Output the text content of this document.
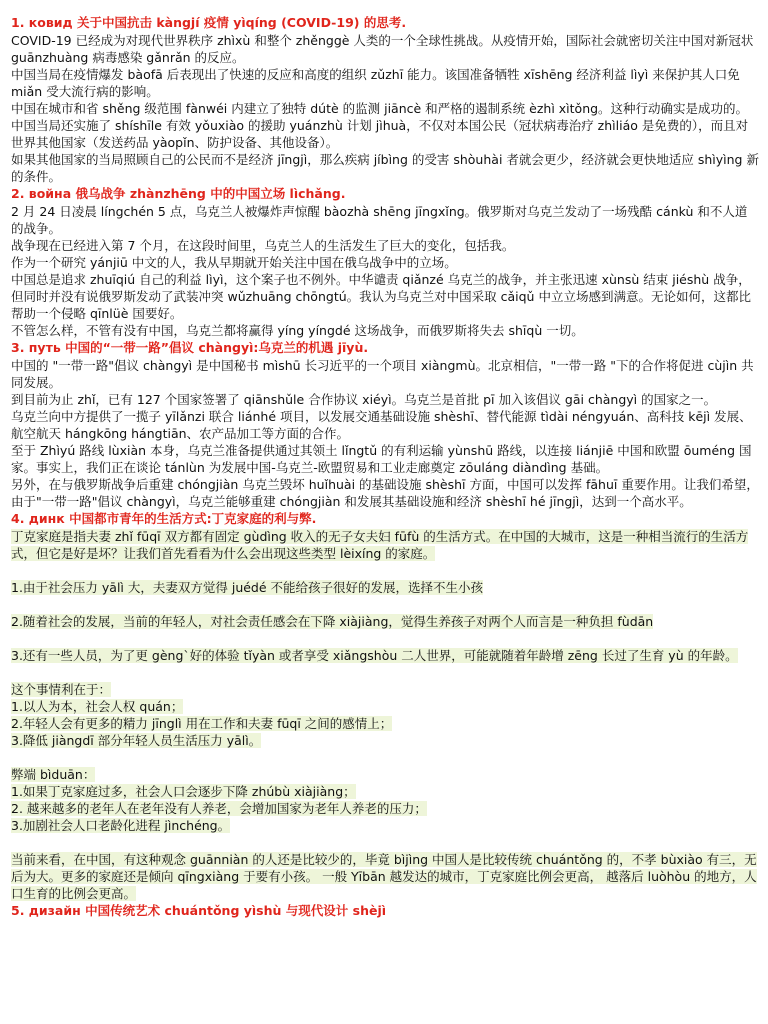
1. ковид 关于中国抗击 kàngjí 疫情 yìqíng (COVID-19) 的思考.

COVID-19 已经成为对现代世界秩序 zhìxù 和整个 zhěnggè 人类的一个全球性挑战。从疫情开始，国际社会就密切关注中国对新冠状 guānzhuàng 病毒感染 gǎnrǎn 的反应。

中国当局在疫情爆发 bàofā 后表现出了快速的反应和高度的组织 zǔzhī 能力。该国准备牺牲 xīshēng 经济利益 lìyì 来保护其人口免 miǎn 受大流行病的影响。

中国在城市和省 shěng 级范围 fànwéi 内建立了独特 dútè 的监测 jiāncè 和严格的遏制系统 èzhì xìtǒng。这种行动确实是成功的。

中国当局还实施了 shíshīle 有效 yǒuxiào 的援助 yuánzhù 计划 jìhuà，不仅对本国公民（冠状病毒治疗 zhìliáo 是免费的），而且对世界其他国家（发送药品 yàopǐn、防护设备、其他设备）。

如果其他国家的当局照顾自己的公民而不是经济 jīngjì，那么疾病 jíbìng 的受害 shòuhài 者就会更少，经济就会更快地适应 shìyìng 新的条件。

2. война 俄乌战争 zhànzhēng 中的中国立场 lìchǎng.

2 月 24 日凌晨 língchén 5 点，乌克兰人被爆炸声惊醒 bàozhà shēng jīngxǐng。俄罗斯对乌克兰发动了一场残酷 cánkù 和不人道的战争。

战争现在已经进入第 7 个月，在这段时间里，乌克兰人的生活发生了巨大的变化，包括我。

作为一个研究 yánjiū 中文的人，我从早期就开始关注中国在俄乌战争中的立场。

中国总是追求 zhuīqiú 自己的利益 lìyì，这个案子也不例外。中华谴责 qiǎnzé 乌克兰的战争，并主张迅速 xùnsù 结束 jiéshù 战争，但同时并没有说俄罗斯发动了武装冲突 wǔzhuāng chōngtú。我认为乌克兰对中国采取 cǎiqǔ 中立立场感到满意。无论如何，这都比帮助一个侵略 qīnlüè 国要好。

不管怎么样，不管有没有中国，乌克兰都将赢得 yíng yíngdé 这场战争，而俄罗斯将失去 shīqù 一切。

3. путь 中国的“一带一路”倡议 chàngyì:乌克兰的机遇 jīyù.

中国的 "一带一路"倡议 chàngyì 是中国秘书 mìshū 长习近平的一个项目 xiàngmù。北京相信，"一带一路 "下的合作将促进 cùjìn 共同发展。

到目前为止 zhǐ，已有 127 个国家签署了 qiānshǔle 合作协议 xiéyì。乌克兰是首批 pī 加入该倡议 gāi chàngyì 的国家之一。

乌克兰向中方提供了一揽子 yīlǎnzi 联合 liánhé 项目，以发展交通基础设施 shèshī、替代能源 tìdài néngyuán、高科技 kējì 发展、航空航天 hángkōng hángtiān、农产品加工等方面的合作。

至于 Zhìyú 路线 lùxiàn 本身，乌克兰准备提供通过其领土 lǐngtǔ 的有利运输 yùnshū 路线，以连接 liánjiē 中国和欧盟 ōuméng 国家。事实上，我们正在谈论 tánlùn 为发展中国-乌克兰-欧盟贸易和工业走廊奠定 zōuláng diàndìng 基础。

另外，在与俄罗斯战争后重建 chóngjiàn 乌克兰毁坏 huǐhuài 的基础设施 shèshī 方面，中国可以发挥 fāhuī 重要作用。让我们希望，由于"一带一路"倡议 chàngyì，乌克兰能够重建 chóngjiàn 和发展其基础设施和经济 shèshī hé jīngjì，达到一个高水平。

4. динк 中国都市青年的生活方式:丁克家庭的利与弊.

丁克家庭是指夫妻 zhǐ fūqī 双方都有固定 gùdìng 收入的无子女夫妇 fūfù 的生活方式。在中国的大城市，这是一种相当流行的生活方式，但它是好是坏？让我们首先看看为什么会出现这些类型 lèixíng 的家庭。

1.由于社会压力 yālì 大，夫妻双方觉得 juédé 不能给孩子很好的发展，选择不生小孩

2.随着社会的发展，当前的年轻人，对社会责任感会在下降 xiàjiàng，觉得生养孩子对两个人而言是一种负担 fùdān

3.还有一些人员，为了更 gèng`好的体验 tǐyàn 或者享受 xiǎngshòu 二人世界，可能就随着年龄增 zēng 长过了生育 yù 的年龄。

这个事情利在于：

1.以人为本，社会人权 quán；

2.年轻人会有更多的精力 jīnglì 用在工作和夫妻 fūqī 之间的感情上；

3.降低 jiàngdī 部分年轻人员生活压力 yālì。

弊端 bìduān：

1.如果丁克家庭过多，社会人口会逐步下降 zhúbù xiàjiàng；

2. 越来越多的老年人在老年没有人养老，会增加国家为老年人养老的压力；

3.加剧社会人口老龄化进程 jìnchéng。

当前来看，在中国，有这种观念 guānniàn 的人还是比较少的，毕竟 bìjìng 中国人是比较传统 chuántǒng 的，不孝 bùxiào 有三，无后为大。更多的家庭还是倾向 qīngxiàng 于要有小孩。 一般 Yībān 越发达的城市，丁克家庭比例会更高， 越落后 luòhòu 的地方，人口生育的比例会更高。

5. дизайн 中国传统艺术 chuántǒng yìshù 与现代设计 shèjì
